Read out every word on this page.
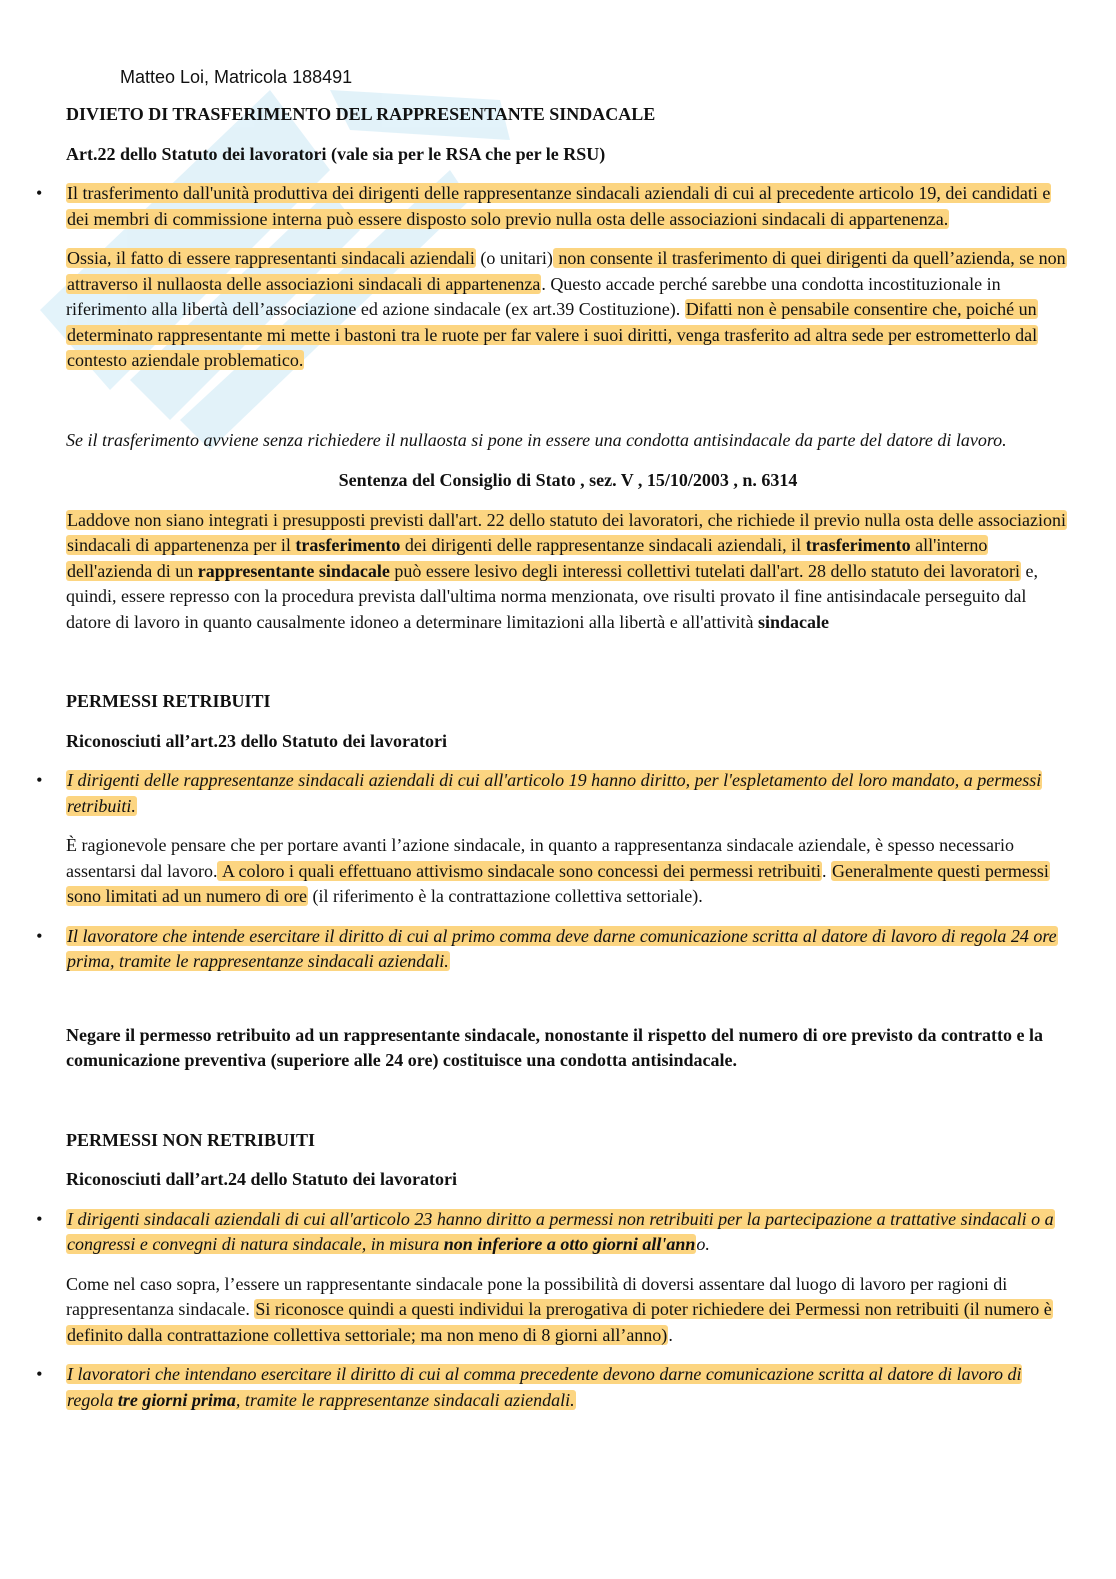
Matteo Loi, Matricola 188491

DIVIETO DI TRASFERIMENTO DEL RAPPRESENTANTE SINDACALE

Art.22 dello Statuto dei lavoratori (vale sia per le RSA che per le RSU)

• Il trasferimento dall'unità produttiva dei dirigenti delle rappresentanze sindacali aziendali di cui al precedente articolo 19, dei candidati e dei membri di commissione interna può essere disposto solo previo nulla osta delle associazioni sindacali di appartenenza.

Ossia, il fatto di essere rappresentanti sindacali aziendali (o unitari) non consente il trasferimento di quei dirigenti da quell’azienda, se non attraverso il nullaosta delle associazioni sindacali di appartenenza. Questo accade perché sarebbe una condotta incostituzionale in riferimento alla libertà dell’associazione ed azione sindacale (ex art.39 Costituzione). Difatti non è pensabile consentire che, poiché un determinato rappresentante mi mette i bastoni tra le ruote per far valere i suoi diritti, venga trasferito ad altra sede per estrometterlo dal contesto aziendale problematico.

Se il trasferimento avviene senza richiedere il nullaosta si pone in essere una condotta antisindacale da parte del datore di lavoro.

Sentenza del Consiglio di Stato , sez. V , 15/10/2003 , n. 6314

Laddove non siano integrati i presupposti previsti dall'art. 22 dello statuto dei lavoratori, che richiede il previo nulla osta delle associazioni sindacali di appartenenza per il trasferimento dei dirigenti delle rappresentanze sindacali aziendali, il trasferimento all'interno dell'azienda di un rappresentante sindacale può essere lesivo degli interessi collettivi tutelati dall'art. 28 dello statuto dei lavoratori e, quindi, essere represso con la procedura prevista dall'ultima norma menzionata, ove risulti provato il fine antisindacale perseguito dal datore di lavoro in quanto causalmente idoneo a determinare limitazioni alla libertà e all'attività sindacale

PERMESSI RETRIBUITI

Riconosciuti all’art.23 dello Statuto dei lavoratori

• I dirigenti delle rappresentanze sindacali aziendali di cui all'articolo 19 hanno diritto, per l'espletamento del loro mandato, a permessi retribuiti.

È ragionevole pensare che per portare avanti l’azione sindacale, in quanto a rappresentanza sindacale aziendale, è spesso necessario assentarsi dal lavoro. A coloro i quali effettuano attivismo sindacale sono concessi dei permessi retribuiti. Generalmente questi permessi sono limitati ad un numero di ore (il riferimento è la contrattazione collettiva settoriale).

• Il lavoratore che intende esercitare il diritto di cui al primo comma deve darne comunicazione scritta al datore di lavoro di regola 24 ore prima, tramite le rappresentanze sindacali aziendali.

Negare il permesso retribuito ad un rappresentante sindacale, nonostante il rispetto del numero di ore previsto da contratto e la comunicazione preventiva (superiore alle 24 ore) costituisce una condotta antisindacale.

PERMESSI NON RETRIBUITI

Riconosciuti dall’art.24 dello Statuto dei lavoratori

• I dirigenti sindacali aziendali di cui all'articolo 23 hanno diritto a permessi non retribuiti per la partecipazione a trattative sindacali o a congressi e convegni di natura sindacale, in misura non inferiore a otto giorni all'anno.

Come nel caso sopra, l’essere un rappresentante sindacale pone la possibilità di doversi assentare dal luogo di lavoro per ragioni di rappresentanza sindacale. Si riconosce quindi a questi individui la prerogativa di poter richiedere dei Permessi non retribuiti (il numero è definito dalla contrattazione collettiva settoriale; ma non meno di 8 giorni all’anno).

• I lavoratori che intendano esercitare il diritto di cui al comma precedente devono darne comunicazione scritta al datore di lavoro di regola tre giorni prima, tramite le rappresentanze sindacali aziendali.
